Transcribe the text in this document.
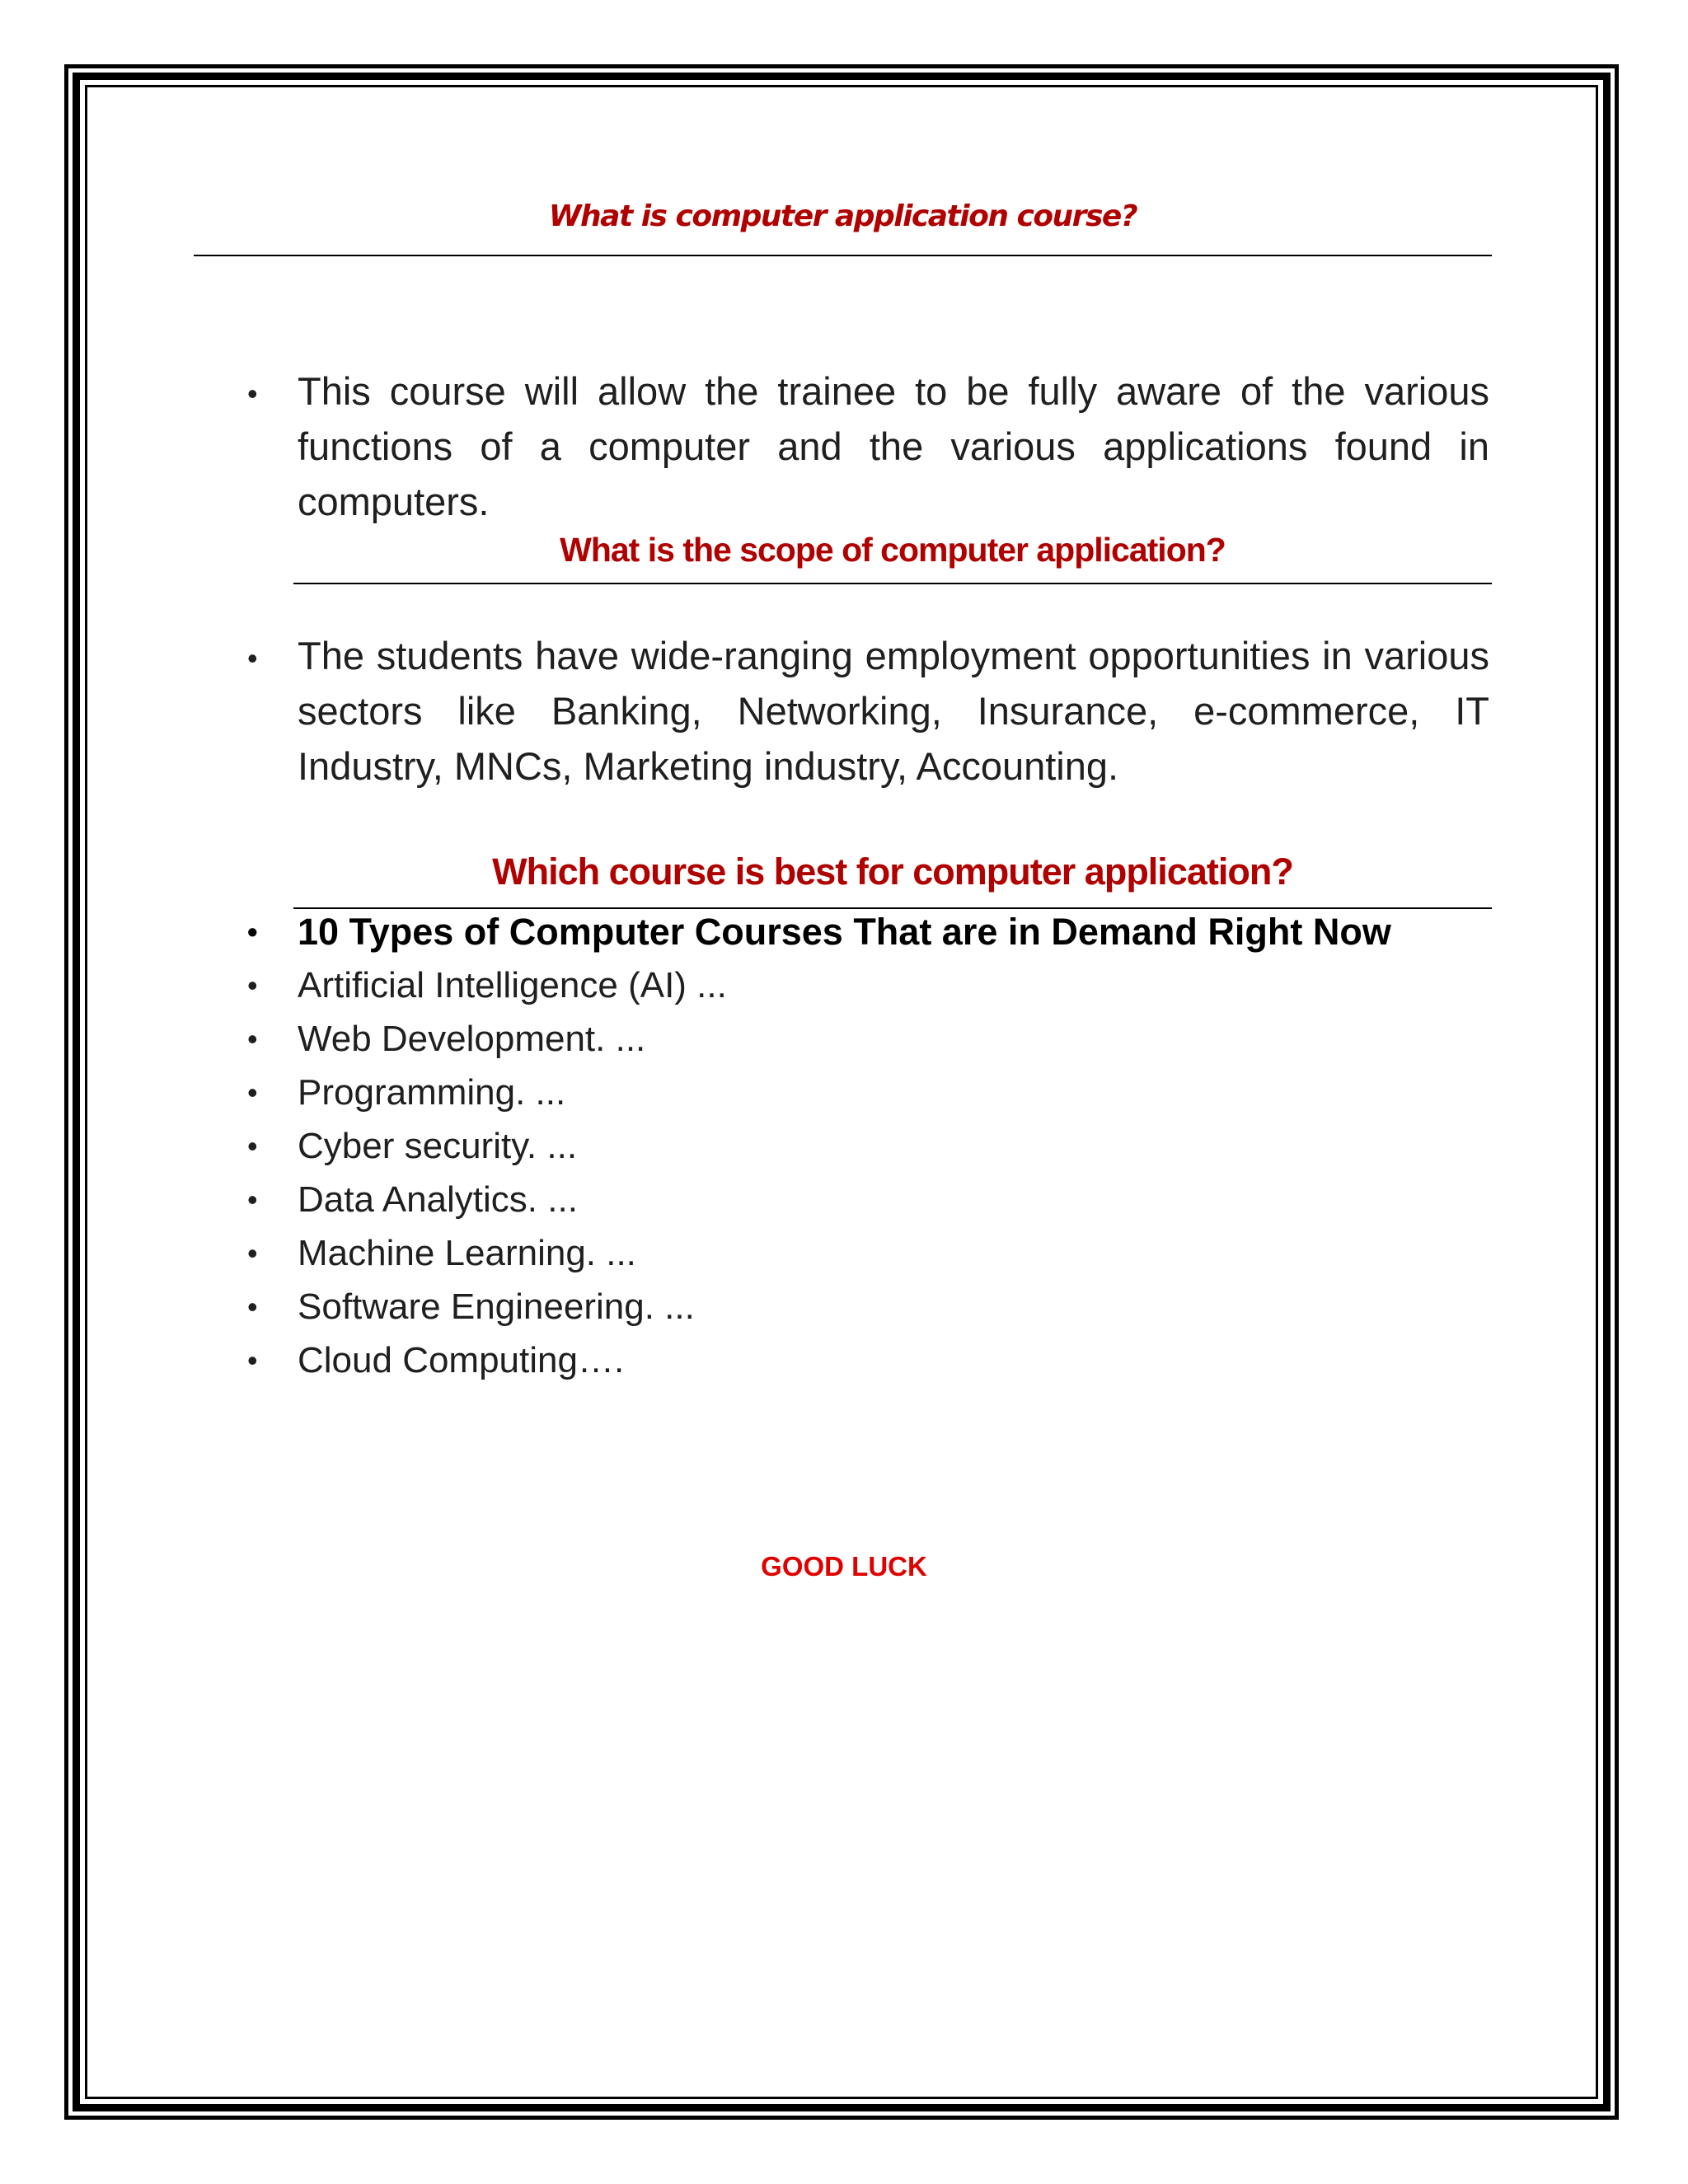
What is computer application course?
• This course will allow the trainee to be fully aware of the various functions of a computer and the various applications found in computers.

What is the scope of computer application?
• The students have wide-ranging employment opportunities in various sectors like Banking, Networking, Insurance, e-commerce, IT Industry, MNCs, Marketing industry, Accounting.

Which course is best for computer application?
• 10 Types of Computer Courses That are in Demand Right Now
• Artificial Intelligence (AI) ...
• Web Development. ...
• Programming. ...
• Cyber security. ...
• Data Analytics. ...
• Machine Learning. ...
• Software Engineering. ...
• Cloud Computing….
GOOD LUCK
